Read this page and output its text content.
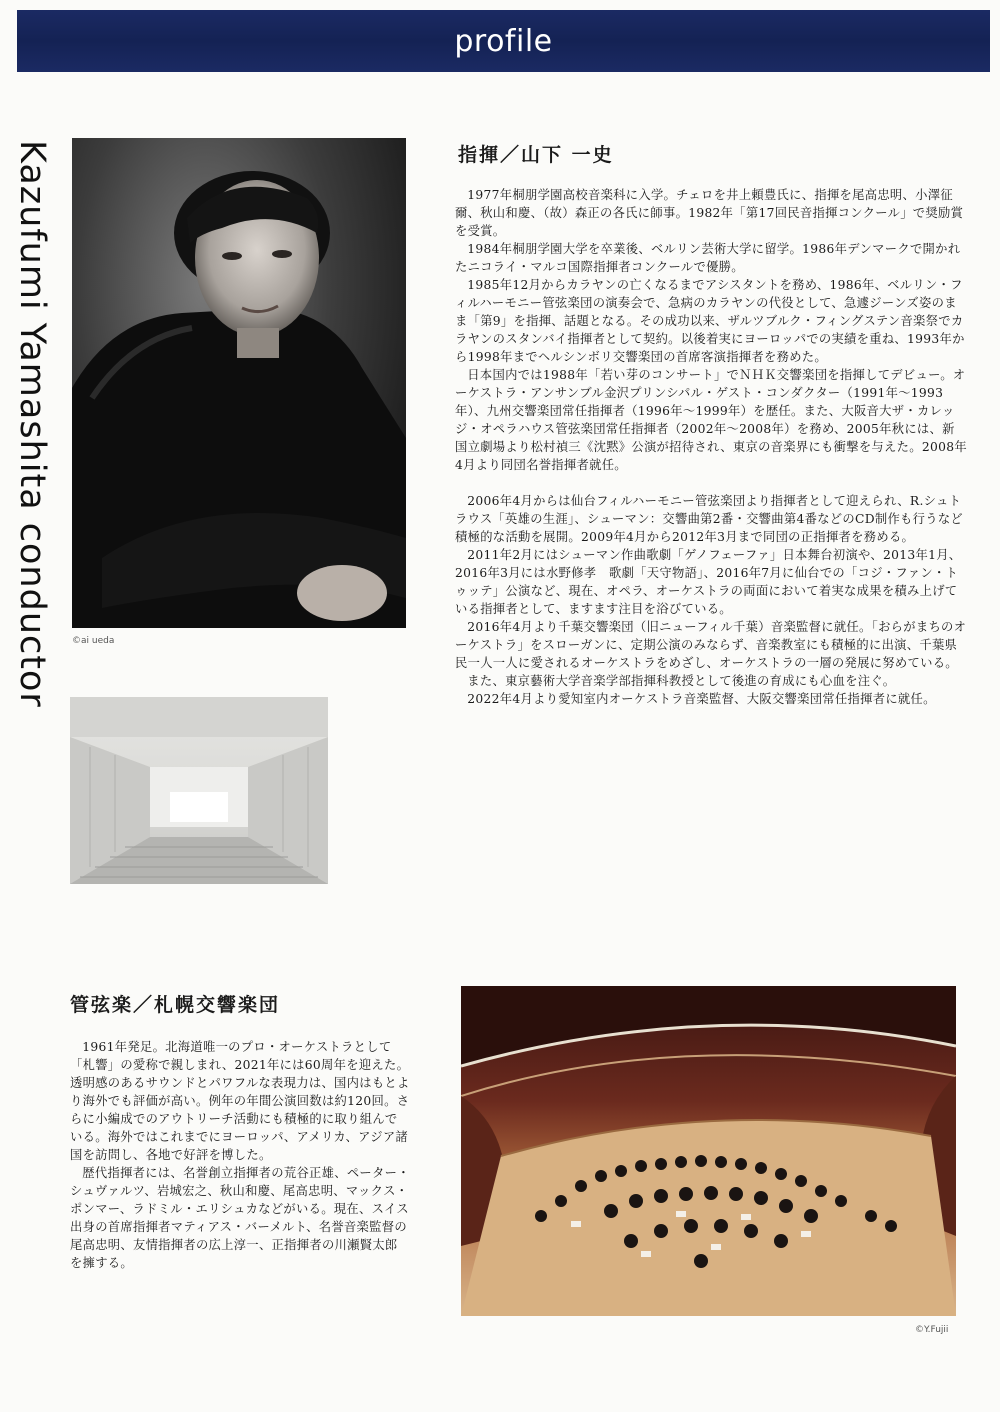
profile
Kazufumi Yamashita conductor	©ai ueda
指揮／山下 一史

1977年桐朋学園高校音楽科に入学。チェロを井上頼豊氏に、指揮を尾高忠明、小澤征爾、秋山和慶、（故）森正の各氏に師事。1982年「第17回民音指揮コンクール」で奨励賞を受賞。

1984年桐朋学園大学を卒業後、ベルリン芸術大学に留学。1986年デンマークで開かれたニコライ・マルコ国際指揮者コンクールで優勝。

1985年12月からカラヤンの亡くなるまでアシスタントを務め、1986年、ベルリン・フィルハーモニー管弦楽団の演奏会で、急病のカラヤンの代役として、急遽ジーンズ姿のまま「第9」を指揮、話題となる。その成功以来、ザルツブルク・フィングステン音楽祭でカラヤンのスタンバイ指揮者として契約。以後着実にヨーロッパでの実績を重ね、1993年から1998年までヘルシンボリ交響楽団の首席客演指揮者を務めた。

日本国内では1988年「若い芽のコンサート」でＮＨＫ交響楽団を指揮してデビュー。オーケストラ・アンサンブル金沢プリンシパル・ゲスト・コンダクター（1991年〜1993年）、九州交響楽団常任指揮者（1996年〜1999年）を歴任。また、大阪音大ザ・カレッジ・オペラハウス管弦楽団常任指揮者（2002年〜2008年）を務め、2005年秋には、新国立劇場より松村禎三《沈黙》公演が招待され、東京の音楽界にも衝撃を与えた。2008年4月より同団名誉指揮者就任。

2006年4月からは仙台フィルハーモニー管弦楽団より指揮者として迎えられ、R.シュトラウス「英雄の生涯」、シューマン：交響曲第2番・交響曲第4番などのCD制作も行うなど積極的な活動を展開。2009年4月から2012年3月まで同団の正指揮者を務める。

2011年2月にはシューマン作曲歌劇「ゲノフェーファ」日本舞台初演や、2013年1月、2016年3月には水野修孝　歌劇「天守物語」、2016年7月に仙台での「コジ・ファン・トゥッテ」公演など、現在、オペラ、オーケストラの両面において着実な成果を積み上げている指揮者として、ますます注目を浴びている。

2016年4月より千葉交響楽団（旧ニューフィル千葉）音楽監督に就任。「おらがまちのオーケストラ」をスローガンに、定期公演のみならず、音楽教室にも積極的に出演、千葉県民一人一人に愛されるオーケストラをめざし、オーケストラの一層の発展に努めている。

また、東京藝術大学音楽学部指揮科教授として後進の育成にも心血を注ぐ。

2022年4月より愛知室内オーケストラ音楽監督、大阪交響楽団常任指揮者に就任。

管弦楽／札幌交響楽団

1961年発足。北海道唯一のプロ・オーケストラとして「札響」の愛称で親しまれ、2021年には60周年を迎えた。透明感のあるサウンドとパワフルな表現力は、国内はもとより海外でも評価が高い。例年の年間公演回数は約120回。さらに小編成でのアウトリーチ活動にも積極的に取り組んでいる。海外ではこれまでにヨーロッパ、アメリカ、アジア諸国を訪問し、各地で好評を博した。

歴代指揮者には、名誉創立指揮者の荒谷正雄、ペーター・シュヴァルツ、岩城宏之、秋山和慶、尾高忠明、マックス・ポンマー、ラドミル・エリシュカなどがいる。現在、スイス出身の首席指揮者マティアス・バーメルト、名誉音楽監督の尾高忠明、友情指揮者の広上淳一、正指揮者の川瀬賢太郎を擁する。

©Y.Fujii
